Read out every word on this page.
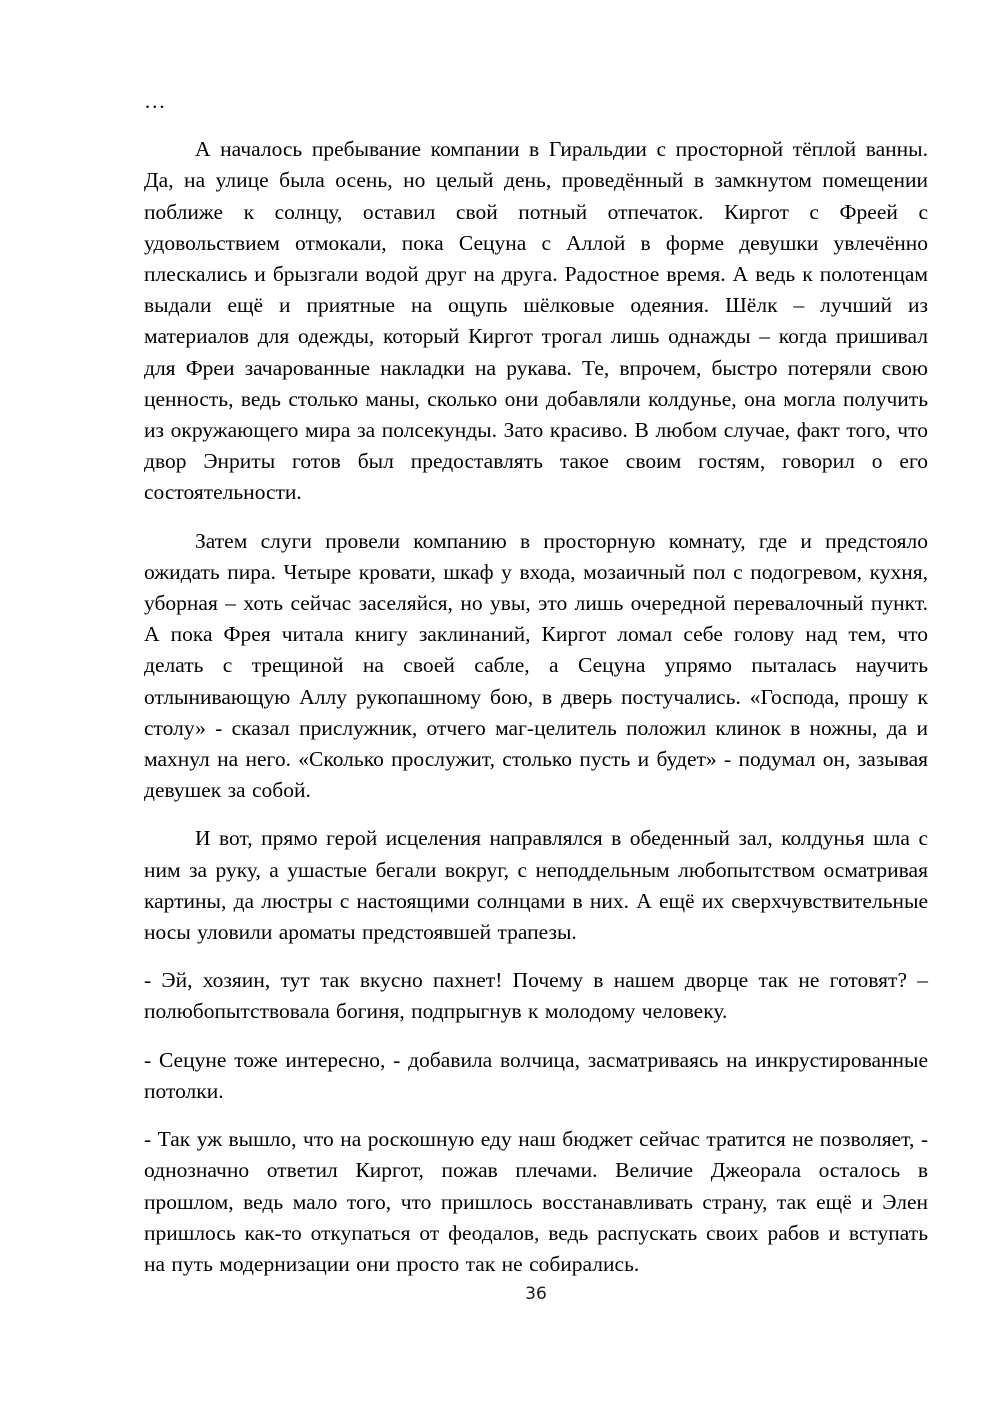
…

А началось пребывание компании в Гиральдии с просторной тёплой ванны. Да, на улице была осень, но целый день, проведённый в замкнутом помещении поближе к солнцу, оставил свой потный отпечаток. Киргот с Фреей с удовольствием отмокали, пока Сецуна с Аллой в форме девушки увлечённо плескались и брызгали водой друг на друга. Радостное время. А ведь к полотенцам выдали ещё и приятные на ощупь шёлковые одеяния. Шёлк – лучший из материалов для одежды, который Киргот трогал лишь однажды – когда пришивал для Фреи зачарованные накладки на рукава. Те, впрочем, быстро потеряли свою ценность, ведь столько маны, сколько они добавляли колдунье, она могла получить из окружающего мира за полсекунды. Зато красиво. В любом случае, факт того, что двор Энриты готов был предоставлять такое своим гостям, говорил о его состоятельности.

Затем слуги провели компанию в просторную комнату, где и предстояло ожидать пира. Четыре кровати, шкаф у входа, мозаичный пол с подогревом, кухня, уборная – хоть сейчас заселяйся, но увы, это лишь очередной перевалочный пункт. А пока Фрея читала книгу заклинаний, Киргот ломал себе голову над тем, что делать с трещиной на своей сабле, а Сецуна упрямо пыталась научить отлынивающую Аллу рукопашному бою, в дверь постучались. «Господа, прошу к столу» - сказал прислужник, отчего маг-целитель положил клинок в ножны, да и махнул на него. «Сколько прослужит, столько пусть и будет» - подумал он, зазывая девушек за собой.

И вот, прямо герой исцеления направлялся в обеденный зал, колдунья шла с ним за руку, а ушастые бегали вокруг, с неподдельным любопытством осматривая картины, да люстры с настоящими солнцами в них. А ещё их сверхчувствительные носы уловили ароматы предстоявшей трапезы.

- Эй, хозяин, тут так вкусно пахнет! Почему в нашем дворце так не готовят? – полюбопытствовала богиня, подпрыгнув к молодому человеку.

- Сецуне тоже интересно, - добавила волчица, засматриваясь на инкрустированные потолки.

- Так уж вышло, что на роскошную еду наш бюджет сейчас тратится не позволяет, - однозначно ответил Киргот, пожав плечами. Величие Джеорала осталось в прошлом, ведь мало того, что пришлось восстанавливать страну, так ещё и Элен пришлось как-то откупаться от феодалов, ведь распускать своих рабов и вступать на путь модернизации они просто так не собирались.

36
